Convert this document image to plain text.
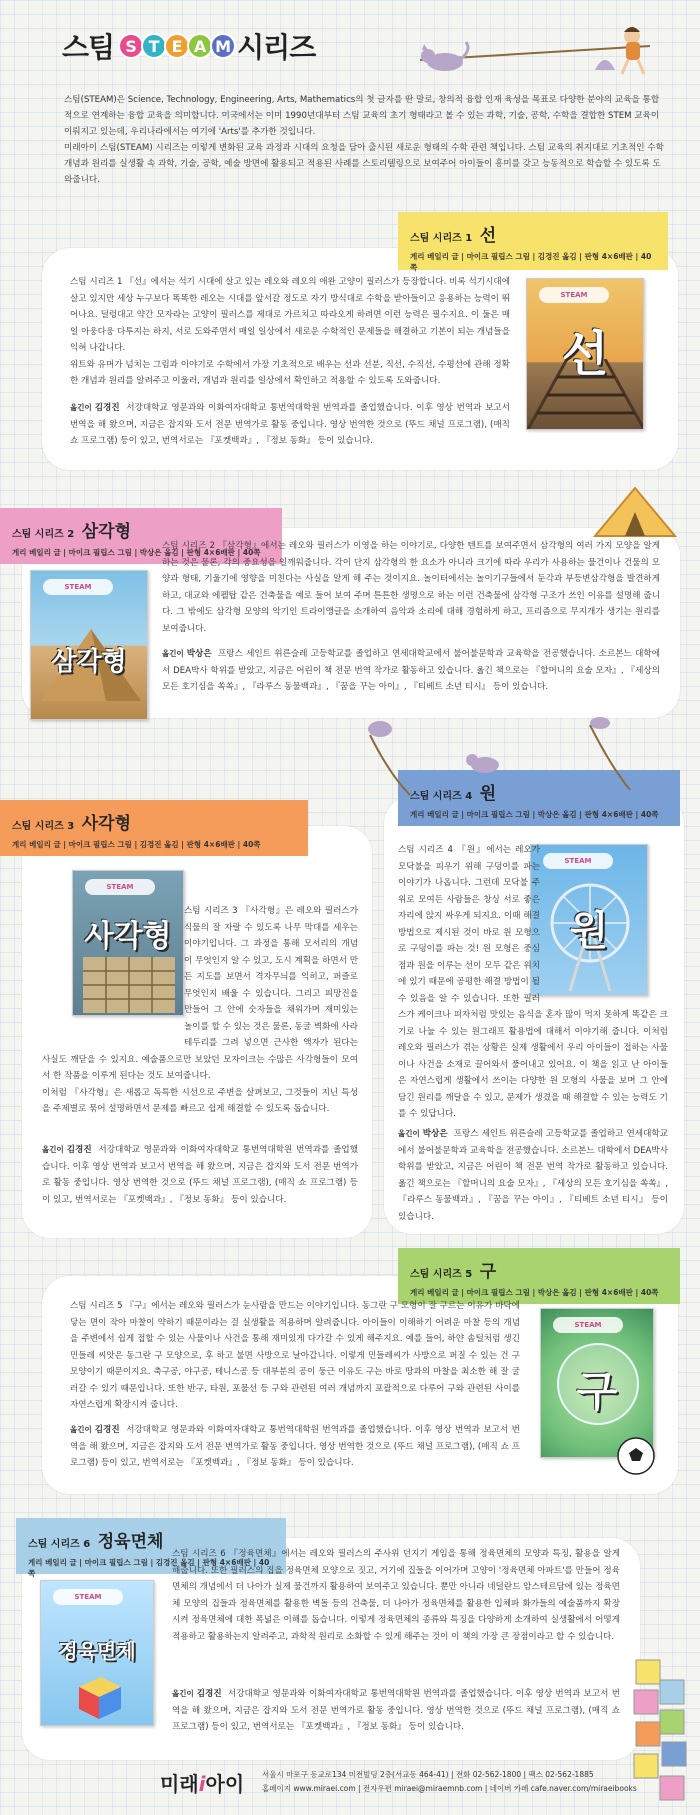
스팀 S T E A M 시리즈

스팀(STEAM)은 Science, Technology, Engineering, Arts, Mathematics의 첫 글자를 딴 말로, 창의적 융합 인재 육성을 목표로 다양한 분야의 교육을 통합적으로 연계하는 융합 교육을 의미합니다. 미국에서는 이미 1990년대부터 스팀 교육의 초기 형태라고 볼 수 있는 과학, 기술, 공학, 수학을 결합한 STEM 교육이 이뤄지고 있는데, 우리나라에서는 여기에 'Arts'를 추가한 것입니다.

미래아이 스팀(STEAM) 시리즈는 이렇게 변화된 교육 과정과 시대의 요청을 담아 출시된 새로운 형태의 수학 관련 책입니다. 스팀 교육의 취지대로 기초적인 수학 개념과 원리를 실생활 속 과학, 기술, 공학, 예술 방면에 활용되고 적용된 사례를 스토리텔링으로 보여주어 아이들이 흥미를 갖고 능동적으로 학습할 수 있도록 도와줍니다.

스팀 시리즈 1 선
게리 베일리 글 | 마이크 필립스 그림 | 김경진 옮김 | 판형 4×6배판 | 40쪽
스팀 시리즈 1 『선』에서는 석기 시대에 살고 있는 레오와 레오의 애완 고양이 필러스가 등장합니다. 비록 석기시대에 살고 있지만 세상 누구보다 똑똑한 레오는 시대를 앞서갈 정도로 자기 방식대로 수학을 받아들이고 응용하는 능력이 뛰어나요. 덜렁대고 약간 모자라는 고양이 필러스를 제대로 가르치고 따라오게 하려면 이런 능력은 필수지요. 이 둘은 매일 아웅다웅 다투지는 하지, 서로 도와주면서 매일 일상에서 새로운 수학적인 문제들을 해결하고 기본이 되는 개념들을 익혀 나갑니다.
위트와 유머가 넘치는 그림과 이야기로 수학에서 가장 기초적으로 배우는 선과 선분, 직선, 수직선, 수평선에 관해 정확한 개념과 원리를 알려주고 이울러, 개념과 원리를 일상에서 확인하고 적용할 수 있도록 도와줍니다.
옮긴이 김경진 서강대학교 영문과와 이화여자대학교 통번역대학원 번역과를 졸업했습니다. 이후 영상 번역과 보고서 번역을 해 왔으며, 지금은 잡지와 도서 전문 번역가로 활동 중입니다. 영상 번역한 것으로 (뚜드 채널 프로그램), (매직 쇼 프로그램) 등이 있고, 번역서로는 『포켓백과』, 『정보 동화』 등이 있습니다.
STEAM
선
스팀 시리즈 2 삼각형
게리 베일리 글 | 마이크 필립스 그림 | 박상은 옮김 | 판형 4×6배판 | 40쪽
STEAM
삼각형
스팀 시리즈 2 『삼각형』에서는 레오와 필러스가 이영을 하는 이야기로, 다양한 텐트를 보여주면서 삼각형의 여러 가지 모양을 알게 하는 것은 물론, 각의 중요성을 일깨워줍니다. 각이 단지 삼각형의 한 요소가 아니라 크기에 따라 우리가 사용하는 물건이나 건물의 모양과 형태, 기울기에 영향을 미친다는 사실을 알게 해 주는 것이지요. 놀이터에서는 놀이기구들에서 둔각과 부등변삼각형을 발견하게 하고, 대교와 에펠탑 같은 건축물을 예로 들어 보여 주며 튼튼한 생명으로 하는 이런 건축물에 삼각형 구조가 쓰인 이유를 설명해 줍니다. 그 밖에도 삼각형 모양의 악기인 트라이앵글을 소개하여 음악과 소리에 대해 경험하게 하고, 프리즘으로 무지개가 생기는 원리를 보여줍니다.
옮긴이 박상은 프랑스 세인트 위른슬레 고등학교를 졸업하고 연세대학교에서 불어불문학과 교육학을 전공했습니다. 소르본느 대학에서 DEA박사 학위를 받았고, 지금은 어린이 책 전문 번역 작가로 활동하고 있습니다. 옮긴 책으로는 『할머니의 요술 모자』, 『세상의 모든 호기심을 쏙쏙』, 『라루스 동물백과』, 『꿈을 꾸는 아이』, 『티베트 소년 티시』 등이 있습니다.
스팀 시리즈 3 사각형
게리 베일리 글 | 마이크 필립스 그림 | 김경진 옮김 | 판형 4×6배판 | 40쪽
STEAM
사각형

스팀 시리즈 3 『사각형』은 레오와 필러스가 식물의 잘 자랄 수 있도록 나무 막대를 세우는 이야기입니다. 그 과정을 통해 모서리의 개념이 무엇인지 알 수 있고, 도시 계획을 하면서 만든 지도를 보면서 격자무늬를 익히고, 퍼즐로 무엇인지 배울 수 있습니다. 그리고 피망진을 만들어 그 안에 숫자들을 채워가며 재미있는 놀이를 할 수 있는 것은 물론, 동굴 벽화에 사라 테두리를 그려 넣으면 근사한 액자가 된다는 사실도 깨닫을 수 있지요. 예술품으로만 보았던 모자이크는 수많은 사각형들이 모여서 한 작품을 이루게 된다는 것도 보여줍니다.
이처럼 『사각형』은 새롭고 독특한 시선으로 주변을 살펴보고, 그것들이 지닌 특성을 주제별로 묶어 설명하면서 문제를 빠르고 쉽게 해결할 수 있도록 돕습니다.

옮긴이 김경진 서강대학교 영문과와 이화여자대학교 통번역대학원 번역과를 졸업했습니다. 이후 영상 번역과 보고서 번역을 해 왔으며, 지금은 잡지와 도서 전문 번역가로 활동 중입니다. 영상 번역한 것으로 (뚜드 채널 프로그램), (매직 쇼 프로그램) 등이 있고, 번역서로는 『포켓백과』, 『정보 동화』 등이 있습니다.
스팀 시리즈 4 원
게리 베일리 글 | 마이크 필립스 그림 | 박상은 옮김 | 판형 4×6배판 | 40쪽
STEAM
원
스팀 시리즈 4 『원』에서는 레오가 모닥불을 피우기 위해 구덩이를 파는 이야기가 나옵니다. 그런데 모닥불 주위로 모여든 사람들은 창싱 서로 좋은 자리에 앉지 싸우게 되지요. 이때 해결 방법으로 제시된 것이 바로 원 모형으로 구덩이를 파는 것! 원 모형은 중심점과 원을 이루는 선이 모두 같은 위치에 있기 때문에 공평한 해결 방법이 될 수 있음을 알 수 있습니다. 또한 필러스가 케이크나 피자처럼 맛있는 음식을 혼자 많이 먹지 못하게 똑같은 크기로 나눌 수 있는 원그래프 활용법에 대해서 이야기해 줍니다. 이처럼 레오와 필러스가 겪는 상황은 실제 생활에서 우리 아이들이 접하는 사물이나 사건을 소재로 끌어와서 풀어내고 있어요. 이 책을 읽고 난 아이들은 자연스럽게 생활에서 쓰이는 다양한 원 모형의 사물을 보며 그 안에 담긴 원리를 깨달을 수 있고, 문제가 생겼을 때 해결할 수 있는 능력도 기를 수 있답니다.
옮긴이 박상은 프랑스 세인트 위른슬레 고등학교를 졸업하고 연세대학교에서 불어불문학과 교육학을 전공했습니다. 소르본느 대학에서 DEA박사 학위를 받았고, 지금은 어린이 책 전문 번역 작가로 활동하고 있습니다. 옮긴 책으로는 『할머니의 요술 모자』, 『세상의 모든 호기심을 쏙쏙』, 『라루스 동물백과』, 『꿈을 꾸는 아이』, 『티베트 소년 티시』 등이 있습니다.
스팀 시리즈 5 구
게리 베일리 글 | 마이크 필립스 그림 | 박상은 옮김 | 판형 4×6배판 | 40쪽
스팀 시리즈 5 『구』에서는 레오와 필러스가 눈사람을 만드는 이야기입니다. 동그란 구 모형이 잘 구르는 이유가 바닥에 닿는 면이 작아 마찰이 약하기 때문이라는 걸 실생활을 적용하며 알려줍니다. 아이들이 이해하기 어려운 마찰 등의 개념을 주변에서 쉽게 접할 수 있는 사물이나 사건을 통해 재미있게 다가갈 수 있게 해주지요. 예를 들어, 하얀 솜털처럼 생긴 민들레 씨앗은 동그란 구 모양으로, 후 하고 불면 사방으로 날아갑니다. 이렇게 민들레씨가 사방으로 퍼질 수 있는 건 구 모양이기 때문이지요. 축구공, 야구공, 테니스공 등 대부분의 공이 둥근 이유도 구는 바로 땅과의 마찰을 최소한 해 잘 굴러갈 수 있기 때문입니다. 또한 반구, 타원, 포물선 등 구와 관련된 여러 개념까지 포괄적으로 다루어 구와 관련된 사이를 자연스럽게 확장시켜 줍니다.
옮긴이 김경진 서강대학교 영문과와 이화여자대학교 통번역대학원 번역과를 졸업했습니다. 이후 영상 번역과 보고서 번역을 해 왔으며, 지금은 잡지와 도서 전문 번역가로 활동 중입니다. 영상 번역한 것으로 (뚜드 채널 프로그램), (매직 쇼 프로그램) 등이 있고, 번역서로는 『포켓백과』, 『정보 동화』 등이 있습니다.
STEAM
구
스팀 시리즈 6 정육면체
게리 베일리 글 | 마이크 필립스 그림 | 김경진 옮김 | 판형 4×6배판 | 40쪽
STEAM
정육면체
스팀 시리즈 6 『정육면체』에서는 레오와 필러스의 주사위 던지기 게임을 통해 정육면체의 모양과 특징, 활용을 알게 해줍니다. 또한 필러스의 집을 정육면체 모양으로 짓고, 거기에 집들을 이어가며 고양이 '정육면체 아파트'를 만들어 정육면체의 개념에서 더 나아가 실제 물건까지 활용하여 보여주고 있습니다. 뿐만 아니라 네덜란드 암스테르담에 있는 정육면체 모양의 집들과 정육면체를 활용한 벽돌 등의 건축물, 더 나아가 정육면체를 활용한 입체파 화가들의 예술품까지 확장시켜 정육면체에 대한 폭넓은 이해를 돕습니다. 이렇게 정육면체의 종류와 특징을 다양하게 소개하여 실생활에서 어떻게 적용하고 활용하는지 알려주고, 과학적 원리로 소화할 수 있게 해주는 것이 이 책의 가장 큰 장점이라고 할 수 있습니다.
옮긴이 김경진 서강대학교 영문과와 이화여자대학교 통번역대학원 번역과를 졸업했습니다. 이후 영상 번역과 보고서 번역을 해 왔으며, 지금은 잡지와 도서 전문 번역가로 활동 중입니다. 영상 번역한 것으로 (뚜드 채널 프로그램), (매직 쇼 프로그램) 등이 있고, 번역서로는 『포켓백과』, 『정보 동화』 등이 있습니다.
미래i아이 서울시 마포구 동교로134 미전빌딩 2층(서교동 464-41) | 전화 02-562-1800 | 팩스 02-562-1885
홈페이지 www.miraei.com | 전자우편 miraei@miraemnb.com | 네이버 카페 cafe.naver.com/miraeibooks
